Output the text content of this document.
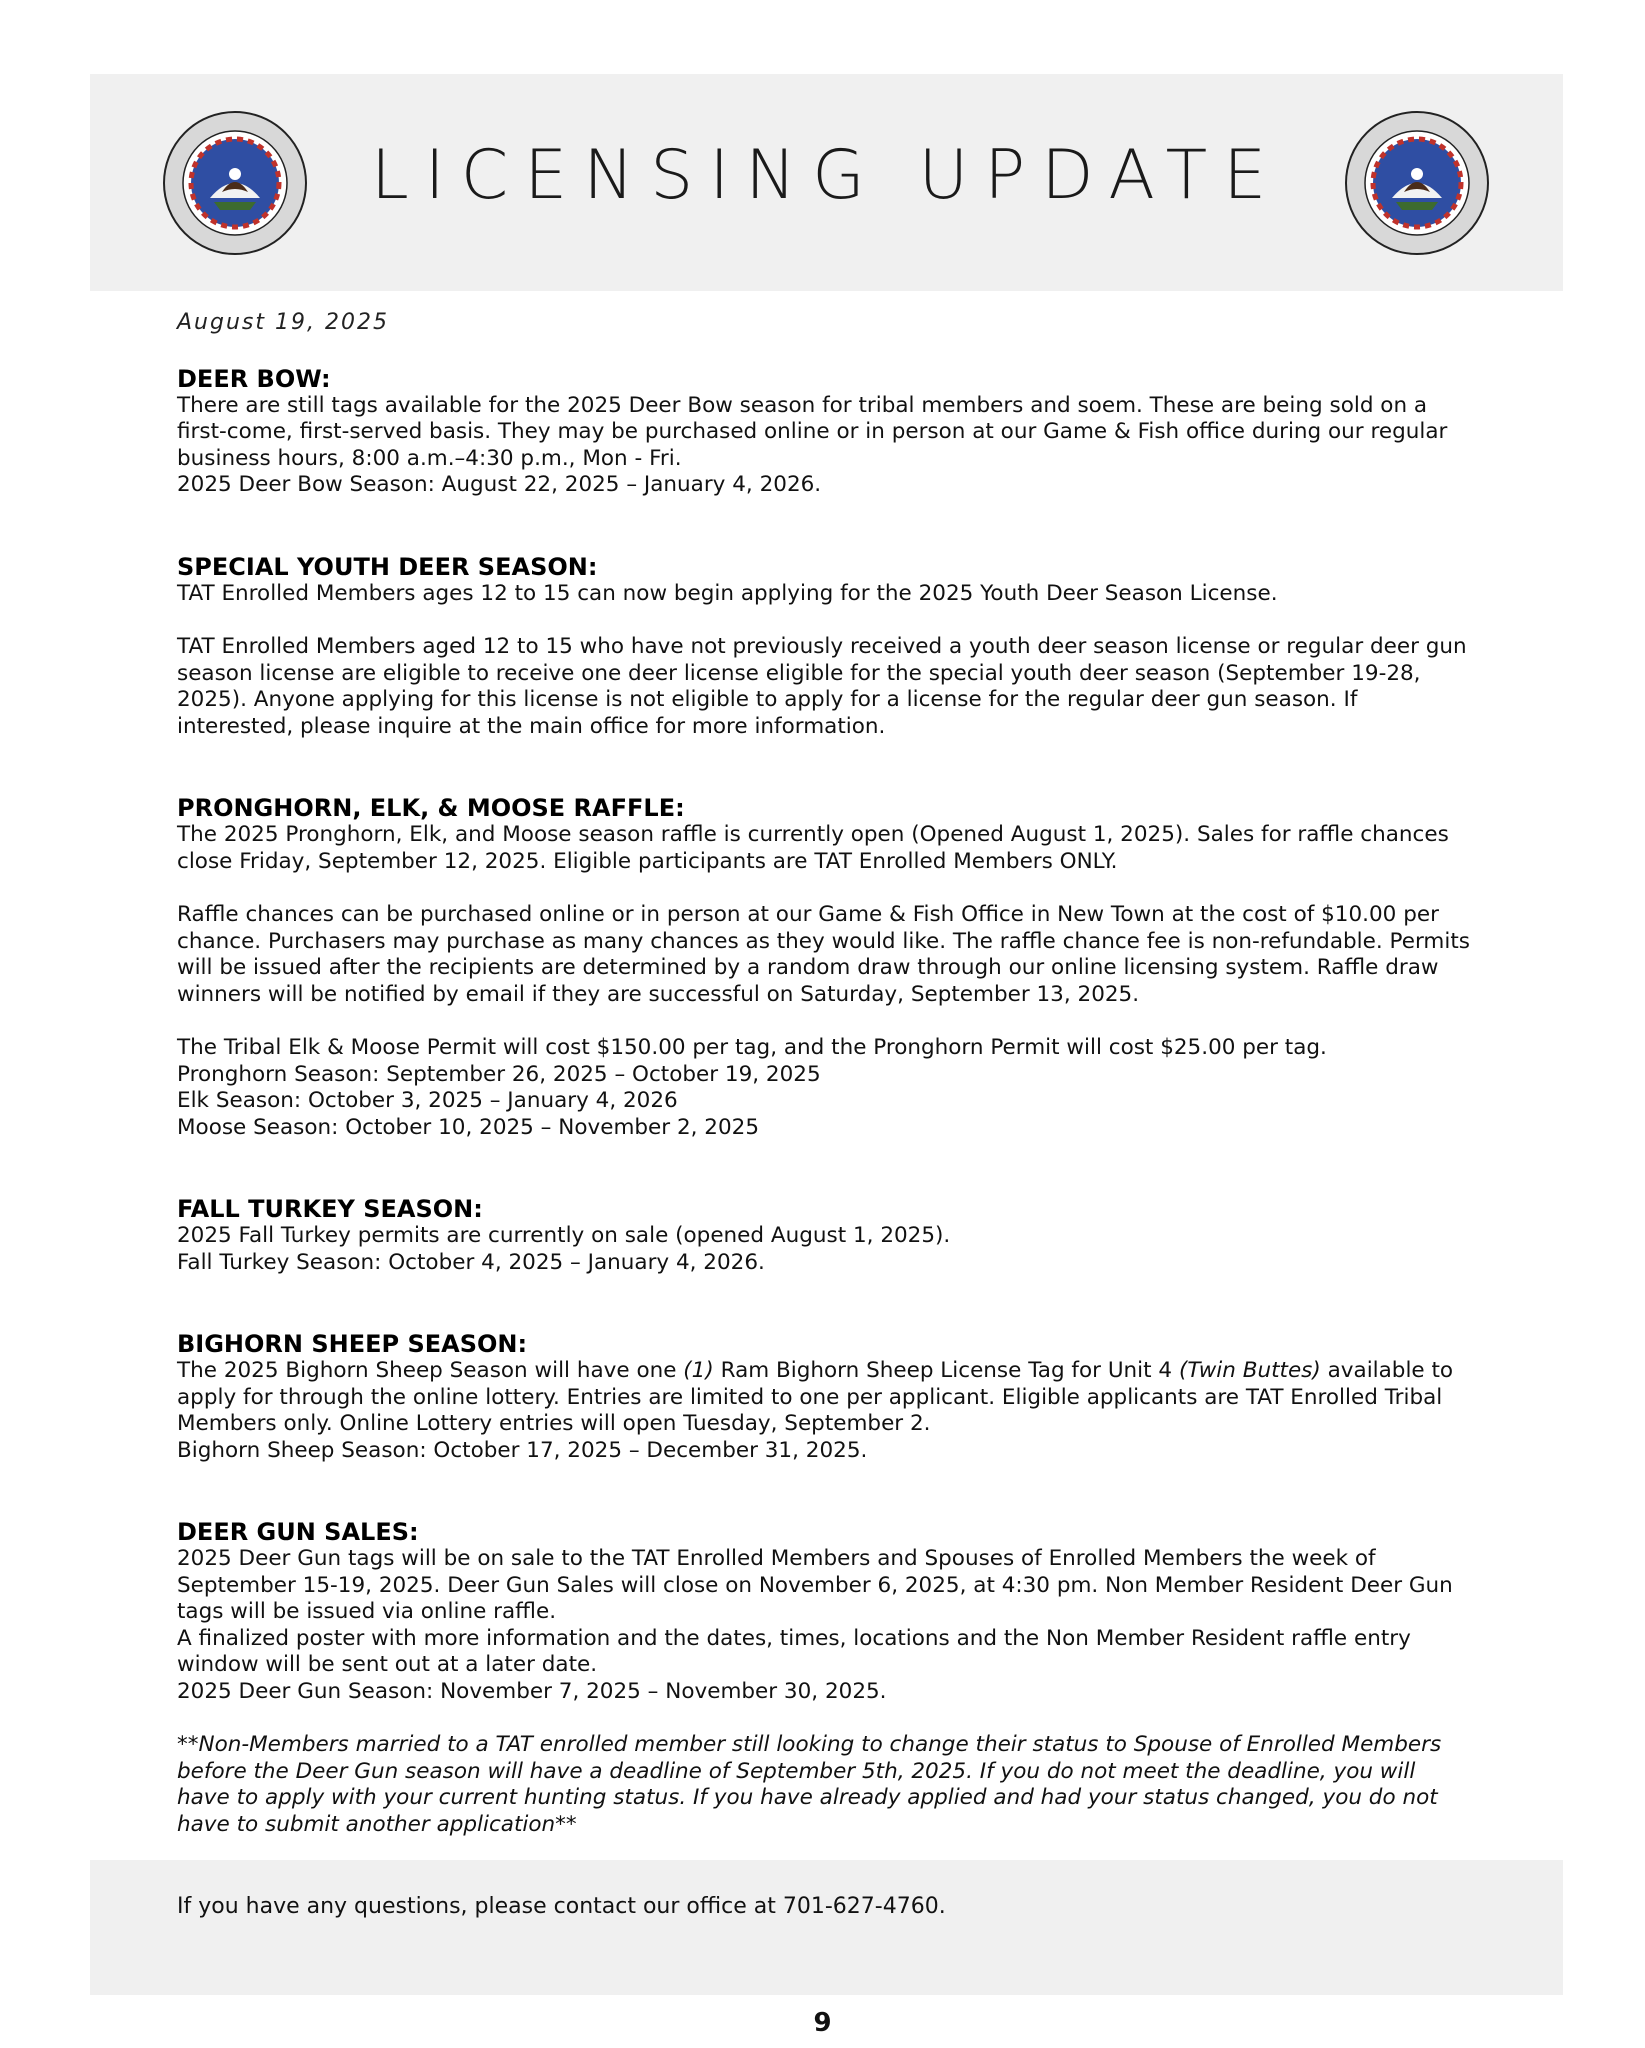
LICENSING UPDATE

August 19, 2025

DEER BOW:

There are still tags available for the 2025 Deer Bow season for tribal members and soem. These are being sold on a

first-come, first-served basis. They may be purchased online or in person at our Game & Fish office during our regular

business hours, 8:00 a.m.–4:30 p.m., Mon - Fri.

2025 Deer Bow Season: August 22, 2025 – January 4, 2026.

SPECIAL YOUTH DEER SEASON:

TAT Enrolled Members ages 12 to 15 can now begin applying for the 2025 Youth Deer Season License.

TAT Enrolled Members aged 12 to 15 who have not previously received a youth deer season license or regular deer gun

season license are eligible to receive one deer license eligible for the special youth deer season (September 19-28,

2025). Anyone applying for this license is not eligible to apply for a license for the regular deer gun season. If

interested, please inquire at the main office for more information.

PRONGHORN, ELK, & MOOSE RAFFLE:

The 2025 Pronghorn, Elk, and Moose season raffle is currently open (Opened August 1, 2025). Sales for raffle chances

close Friday, September 12, 2025. Eligible participants are TAT Enrolled Members ONLY.

Raffle chances can be purchased online or in person at our Game & Fish Office in New Town at the cost of $10.00 per

chance. Purchasers may purchase as many chances as they would like. The raffle chance fee is non-refundable. Permits

will be issued after the recipients are determined by a random draw through our online licensing system. Raffle draw

winners will be notified by email if they are successful on Saturday, September 13, 2025.

The Tribal Elk & Moose Permit will cost $150.00 per tag, and the Pronghorn Permit will cost $25.00 per tag.

Pronghorn Season: September 26, 2025 – October 19, 2025

Elk Season: October 3, 2025 – January 4, 2026

Moose Season: October 10, 2025 – November 2, 2025

FALL TURKEY SEASON:

2025 Fall Turkey permits are currently on sale (opened August 1, 2025).

Fall Turkey Season: October 4, 2025 – January 4, 2026.

BIGHORN SHEEP SEASON:

The 2025 Bighorn Sheep Season will have one (1) Ram Bighorn Sheep License Tag for Unit 4 (Twin Buttes) available to

apply for through the online lottery. Entries are limited to one per applicant. Eligible applicants are TAT Enrolled Tribal

Members only. Online Lottery entries will open Tuesday, September 2.

Bighorn Sheep Season: October 17, 2025 – December 31, 2025.

DEER GUN SALES:

2025 Deer Gun tags will be on sale to the TAT Enrolled Members and Spouses of Enrolled Members the week of

September 15-19, 2025. Deer Gun Sales will close on November 6, 2025, at 4:30 pm. Non Member Resident Deer Gun

tags will be issued via online raffle.

A finalized poster with more information and the dates, times, locations and the Non Member Resident raffle entry

window will be sent out at a later date.

2025 Deer Gun Season: November 7, 2025 – November 30, 2025.

**Non-Members married to a TAT enrolled member still looking to change their status to Spouse of Enrolled Members

before the Deer Gun season will have a deadline of September 5th, 2025. If you do not meet the deadline, you will

have to apply with your current hunting status. If you have already applied and had your status changed, you do not

have to submit another application**

If you have any questions, please contact our office at 701-627-4760.

9
